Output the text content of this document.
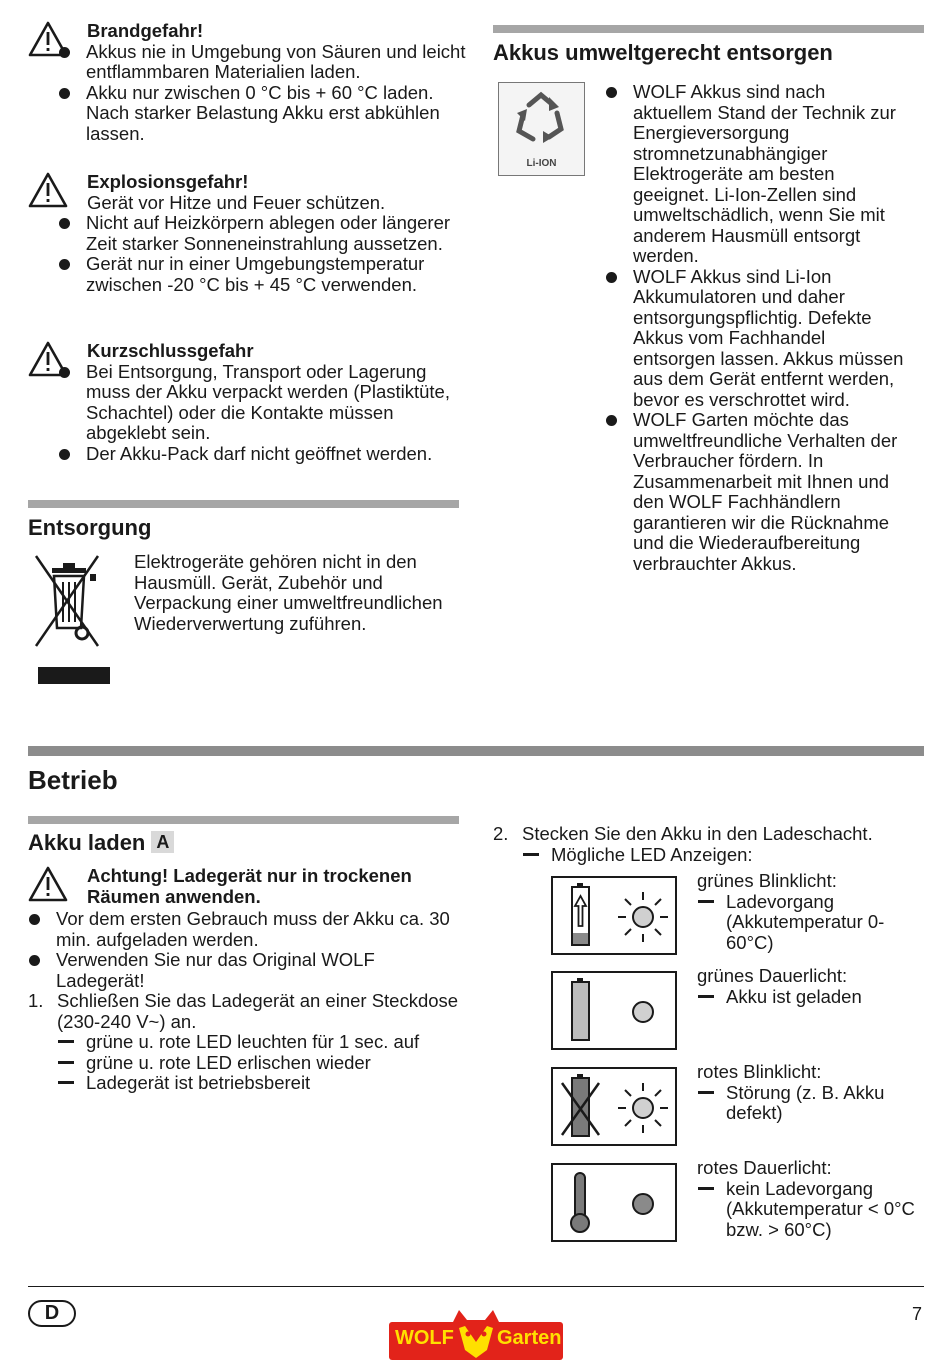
Brandgefahr!
Akkus nie in Umgebung von Säuren und leicht entflammbaren Materialien laden.
Akku nur zwischen 0 °C bis + 60 °C laden. Nach starker Belastung Akku erst abkühlen lassen.
Explosionsgefahr!
Gerät vor Hitze und Feuer schützen.
Nicht auf Heizkörpern ablegen oder längerer Zeit starker Sonneneinstrahlung aussetzen.
Gerät nur in einer Umgebungstemperatur zwischen -20 °C bis + 45 °C verwenden.
Kurzschlussgefahr
Bei Entsorgung, Transport oder Lagerung muss der Akku verpackt werden (Plastiktüte, Schachtel) oder die Kontakte müssen abgeklebt sein.
Der Akku-Pack darf nicht geöffnet werden.
Entsorgung
Elektrogeräte gehören nicht in den Hausmüll. Gerät, Zubehör und Verpackung einer umweltfreundlichen Wiederverwertung zuführen.
Akkus umweltgerecht entsorgen
Li-ION
WOLF Akkus sind nach aktuellem Stand der Technik zur Energieversorgung stromnetzunabhängiger Elektrogeräte am besten geeignet. Li-Ion-Zellen sind umweltschädlich, wenn Sie mit anderem Hausmüll entsorgt werden.
WOLF Akkus sind Li-Ion Akkumulatoren und daher entsorgungspflichtig. Defekte Akkus vom Fachhandel entsorgen lassen. Akkus müssen aus dem Gerät entfernt werden, bevor es verschrottet wird.
WOLF Garten möchte das umweltfreundliche Verhalten der Verbraucher fördern. In Zusammenarbeit mit Ihnen und den WOLF Fachhändlern garantieren wir die Rücknahme und die Wiederaufbereitung verbrauchter Akkus.
Betrieb
Akku laden A
Achtung! Ladegerät nur in trockenen Räumen anwenden.
Vor dem ersten Gebrauch muss der Akku ca. 30 min. aufgeladen werden.
Verwenden Sie nur das Original WOLF Ladegerät!
1. Schließen Sie das Ladegerät an einer Steckdose (230-240 V~) an.
grüne u. rote LED leuchten für 1 sec. auf
grüne u. rote LED erlischen wieder
Ladegerät ist betriebsbereit
2. Stecken Sie den Akku in den Ladeschacht.
Mögliche LED Anzeigen:
grünes Blinklicht:
Ladevorgang (Akkutemperatur 0-60°C)
grünes Dauerlicht:
Akku ist geladen
rotes Blinklicht:
Störung (z. B. Akku defekt)
rotes Dauerlicht:
kein Ladevorgang (Akkutemperatur < 0°C bzw. > 60°C)
D	7
WOLF Garten
